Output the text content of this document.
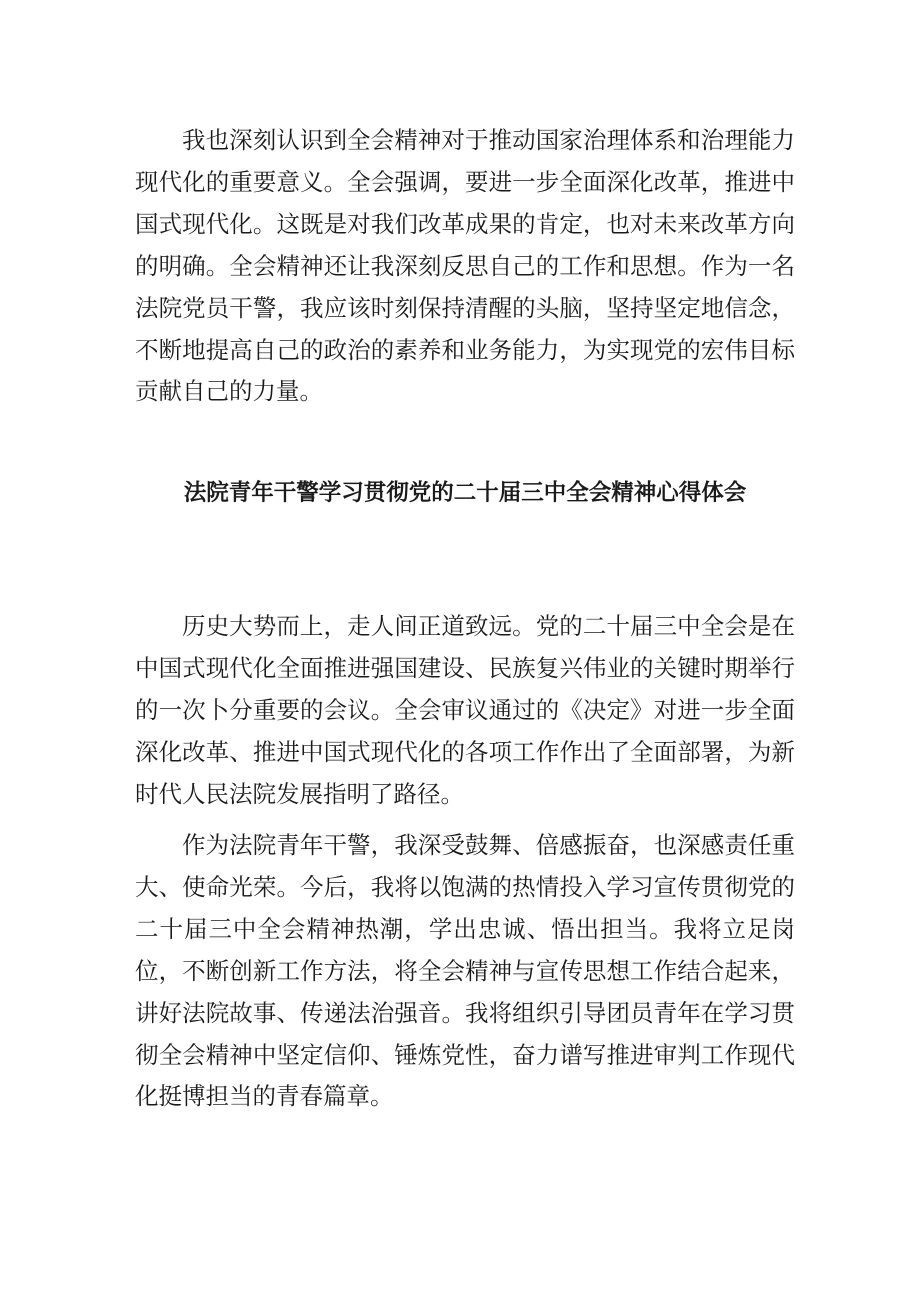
我也深刻认识到全会精神对于推动国家治理体系和治理能力现代化的重要意义。全会强调，要进一步全面深化改革，推进中国式现代化。这既是对我们改革成果的肯定，也对未来改革方向的明确。全会精神还让我深刻反思自己的工作和思想。作为一名法院党员干警，我应该时刻保持清醒的头脑，坚持坚定地信念，不断地提高自己的政治的素养和业务能力，为实现党的宏伟目标贡献自己的力量。

法院青年干警学习贯彻党的二十届三中全会精神心得体会

历史大势而上，走人间正道致远。党的二十届三中全会是在中国式现代化全面推进强国建设、民族复兴伟业的关键时期举行的一次卜分重要的会议。全会审议通过的《决定》对进一步全面深化改革、推进中国式现代化的各项工作作出了全面部署，为新时代人民法院发展指明了路径。

作为法院青年干警，我深受鼓舞、倍感振奋，也深感责任重大、使命光荣。今后，我将以饱满的热情投入学习宣传贯彻党的二十届三中全会精神热潮，学出忠诚、悟出担当。我将立足岗位，不断创新工作方法，将全会精神与宣传思想工作结合起来，讲好法院故事、传递法治强音。我将组织引导团员青年在学习贯彻全会精神中坚定信仰、锤炼党性，奋力谱写推进审判工作现代化挺博担当的青春篇章。
